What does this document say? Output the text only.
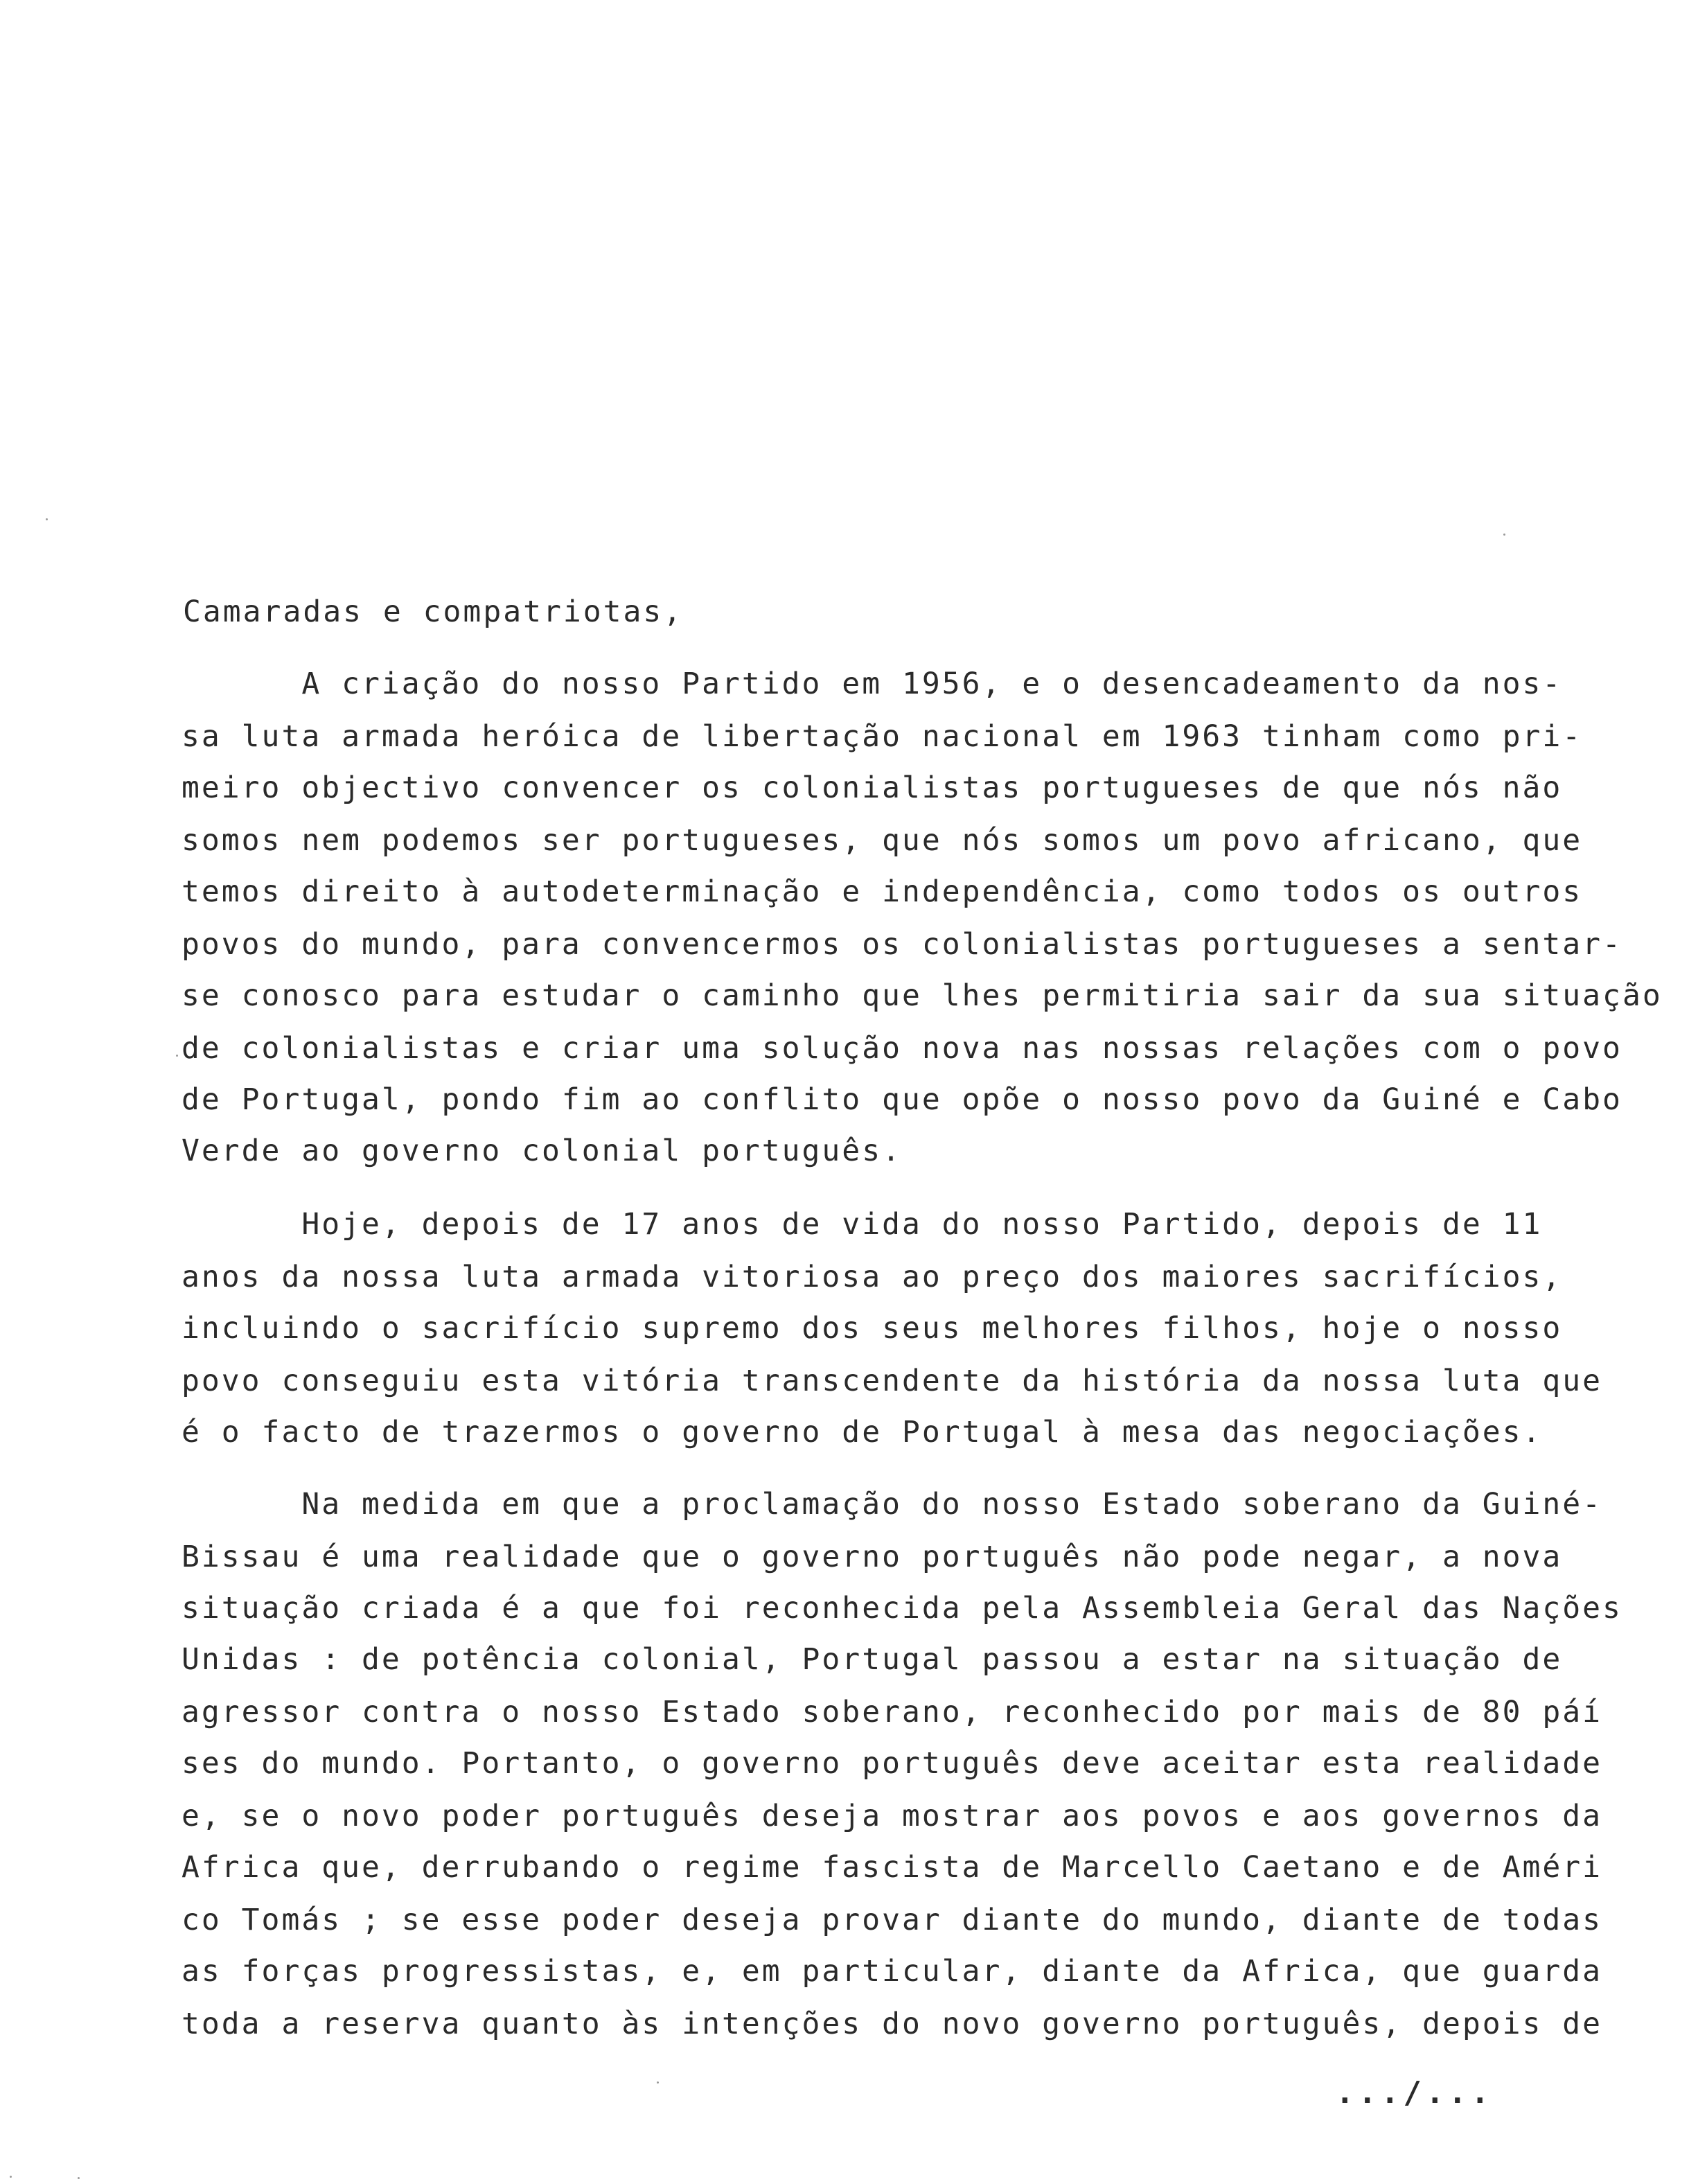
Camaradas e compatriotas,
A criação do nosso Partido em 1956, e o desencadeamento da nos-
sa luta armada heróica de libertação nacional em 1963 tinham como pri-
meiro objectivo convencer os colonialistas portugueses de que nós não
somos nem podemos ser portugueses, que nós somos um povo africano, que
temos direito à autodeterminação e independência, como todos os outros
povos do mundo, para convencermos os colonialistas portugueses a sentar-
se conosco para estudar o caminho que lhes permitiria sair da sua situação
de colonialistas e criar uma solução nova nas nossas relações com o povo
de Portugal, pondo fim ao conflito que opõe o nosso povo da Guiné e Cabo
Verde ao governo colonial português.
Hoje, depois de 17 anos de vida do nosso Partido, depois de 11
anos da nossa luta armada vitoriosa ao preço dos maiores sacrifícios,
incluindo o sacrifício supremo dos seus melhores filhos, hoje o nosso
povo conseguiu esta vitória transcendente da história da nossa luta que
é o facto de trazermos o governo de Portugal à mesa das negociações.
Na medida em que a proclamação do nosso Estado soberano da Guiné-
Bissau é uma realidade que o governo português não pode negar, a nova
situação criada é a que foi reconhecida pela Assembleia Geral das Nações
Unidas : de potência colonial, Portugal passou a estar na situação de
agressor contra o nosso Estado soberano, reconhecido por mais de 80 páí
ses do mundo. Portanto, o governo português deve aceitar esta realidade
e, se o novo poder português deseja mostrar aos povos e aos governos da
Africa que, derrubando o regime fascista de Marcello Caetano e de Améri
co Tomás ; se esse poder deseja provar diante do mundo, diante de todas
as forças progressistas, e, em particular, diante da Africa, que guarda
toda a reserva quanto às intenções do novo governo português, depois de
.../...
